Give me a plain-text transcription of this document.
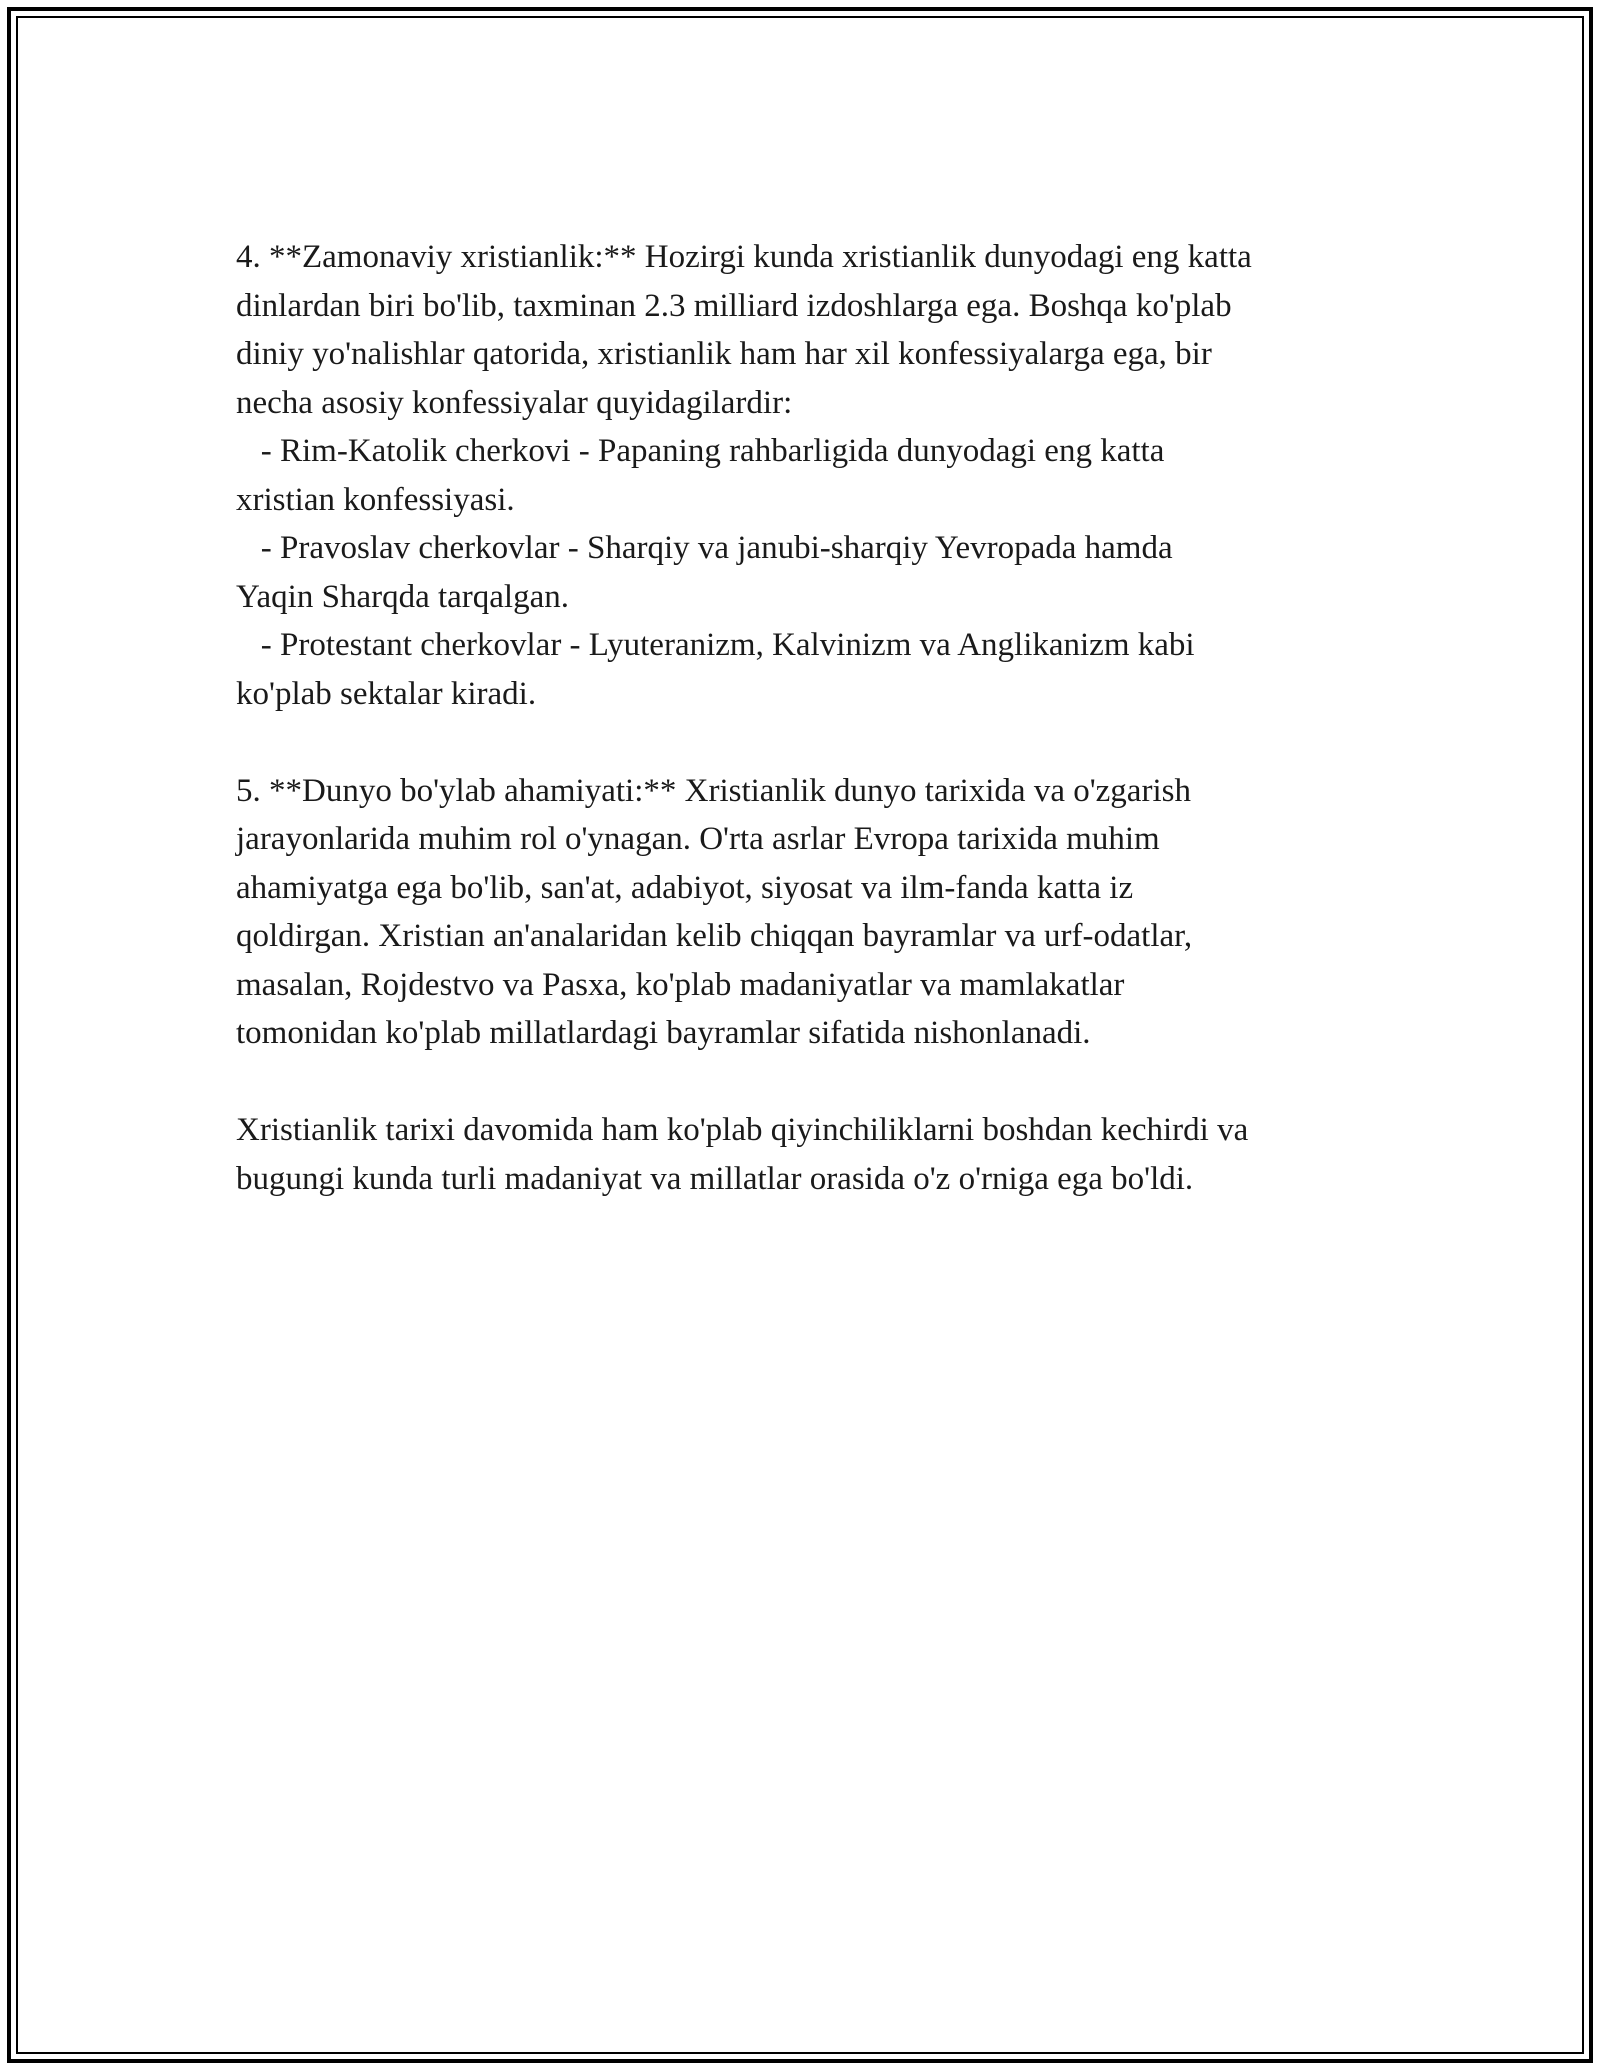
4. **Zamonaviy xristianlik:** Hozirgi kunda xristianlik dunyodagi eng katta
dinlardan biri bo'lib, taxminan 2.3 milliard izdoshlarga ega. Boshqa ko'plab
diniy yo'nalishlar qatorida, xristianlik ham har xil konfessiyalarga ega, bir
necha asosiy konfessiyalar quyidagilardir:
- Rim-Katolik cherkovi - Papaning rahbarligida dunyodagi eng katta
xristian konfessiyasi.
- Pravoslav cherkovlar - Sharqiy va janubi-sharqiy Yevropada hamda
Yaqin Sharqda tarqalgan.
- Protestant cherkovlar - Lyuteranizm, Kalvinizm va Anglikanizm kabi
ko'plab sektalar kiradi.
5. **Dunyo bo'ylab ahamiyati:** Xristianlik dunyo tarixida va o'zgarish
jarayonlarida muhim rol o'ynagan. O'rta asrlar Evropa tarixida muhim
ahamiyatga ega bo'lib, san'at, adabiyot, siyosat va ilm-fanda katta iz
qoldirgan. Xristian an'analaridan kelib chiqqan bayramlar va urf-odatlar,
masalan, Rojdestvo va Pasxa, ko'plab madaniyatlar va mamlakatlar
tomonidan ko'plab millatlardagi bayramlar sifatida nishonlanadi.
Xristianlik tarixi davomida ham ko'plab qiyinchiliklarni boshdan kechirdi va
bugungi kunda turli madaniyat va millatlar orasida o'z o'rniga ega bo'ldi.
